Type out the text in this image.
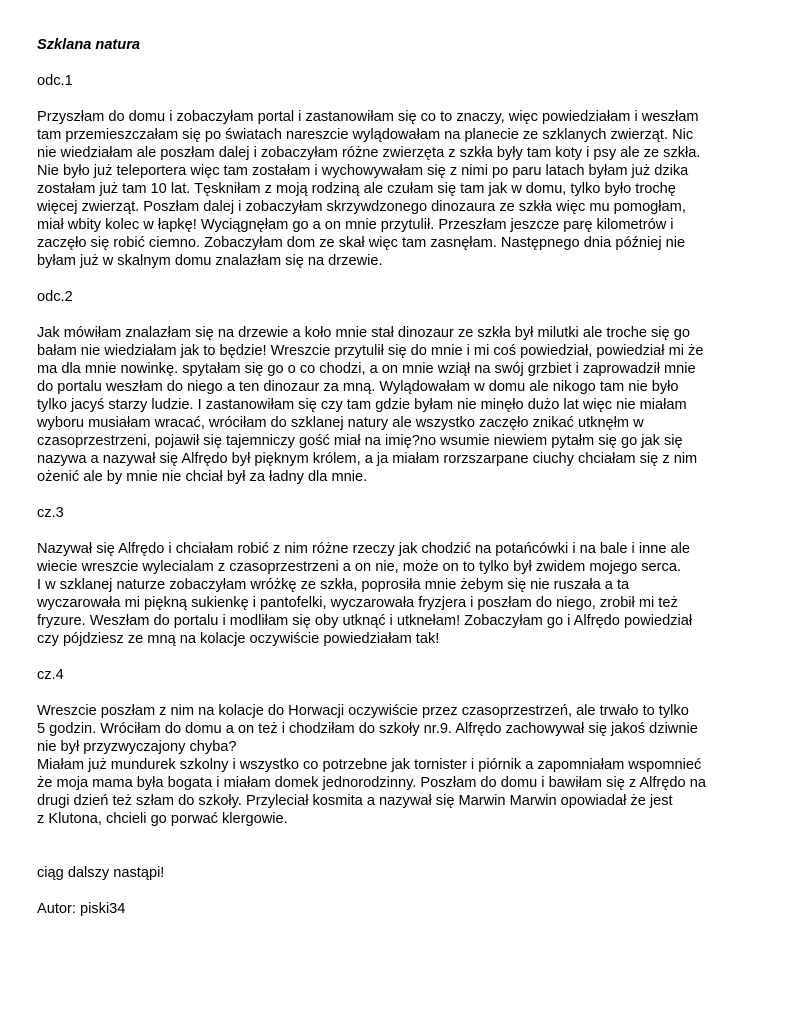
Szklana natura
odc.1
Przyszłam do domu i zobaczyłam portal i zastanowiłam się co to znaczy, więc powiedziałam i weszłam
tam przemieszczałam się po światach nareszcie wylądowałam na planecie ze szklanych zwierząt. Nic
nie wiedziałam ale poszłam dalej i zobaczyłam różne zwierzęta z szkła były tam koty i psy ale ze szkła.
Nie było już teleportera więc tam zostałam i wychowywałam się z nimi po paru latach byłam już dzika
zostałam już tam 10 lat. Tęskniłam z moją rodziną ale czułam się tam jak w domu, tylko było trochę
więcej zwierząt. Poszłam dalej i zobaczyłam skrzywdzonego dinozaura ze szkła więc mu pomogłam,
miał wbity kolec w łapkę! Wyciągnęłam go a on mnie przytulił. Przeszłam jeszcze parę kilometrów i
zaczęło się robić ciemno. Zobaczyłam dom ze skał więc tam zasnęłam. Następnego dnia później nie
byłam już w skalnym domu znalazłam się na drzewie.
odc.2
Jak mówiłam znalazłam się na drzewie a koło mnie stał dinozaur ze szkła był milutki ale troche się go
bałam nie wiedziałam jak to będzie! Wreszcie przytulił się do mnie i mi coś powiedział, powiedział mi że
ma dla mnie nowinkę. spytałam się go o co chodzi, a on mnie wziął na swój grzbiet i zaprowadził mnie
do portalu weszłam do niego a ten dinozaur za mną. Wylądowałam w domu ale nikogo tam nie było
tylko jacyś starzy ludzie. I zastanowiłam się czy tam gdzie byłam nie minęło dużo lat więc nie miałam
wyboru musiałam wracać, wróciłam do szklanej natury ale wszystko zaczęło znikać utknęłm w
czasoprzestrzeni, pojawił się tajemniczy gość miał na imię?no wsumie niewiem pytałm się go jak się
nazywa a nazywał się Alfrędo był pięknym królem, a ja miałam rorzszarpane ciuchy chciałam się z nim
ożenić ale by mnie nie chciał był za ładny dla mnie.
cz.3
Nazywał się Alfrędo i chciałam robić z nim różne rzeczy jak chodzić na potańcówki i na bale i inne ale
wiecie wreszcie wylecialam z czasoprzestrzeni a on nie, może on to tylko był zwidem mojego serca.
I w szklanej naturze zobaczyłam wróżkę ze szkła, poprosiła mnie żebym się nie ruszała a ta
wyczarowała mi piękną sukienkę i pantofelki, wyczarowała fryzjera i poszłam do niego, zrobił mi też
fryzure. Weszłam do portalu i modliłam się oby utknąć i utknełam! Zobaczyłam go i Alfrędo powiedział
czy pójdziesz ze mną na kolacje oczywiście powiedziałam tak!
cz.4
Wreszcie poszłam z nim na kolacje do Horwacji oczywiście przez czasoprzestrzeń, ale trwało to tylko
5 godzin. Wróciłam do domu a on też i chodziłam do szkoły nr.9. Alfrędo zachowywał się jakoś dziwnie
nie był przyzwyczajony chyba?
Miałam już mundurek szkolny i wszystko co potrzebne jak tornister i piórnik a zapomniałam wspomnieć
że moja mama była bogata i miałam domek jednorodzinny. Poszłam do domu i bawiłam się z Alfrędo na
drugi dzień też szłam do szkoły. Przyleciał kosmita a nazywał się Marwin Marwin opowiadał że jest
z Klutona, chcieli go porwać klergowie.
ciąg dalszy nastąpi!
Autor: piski34
